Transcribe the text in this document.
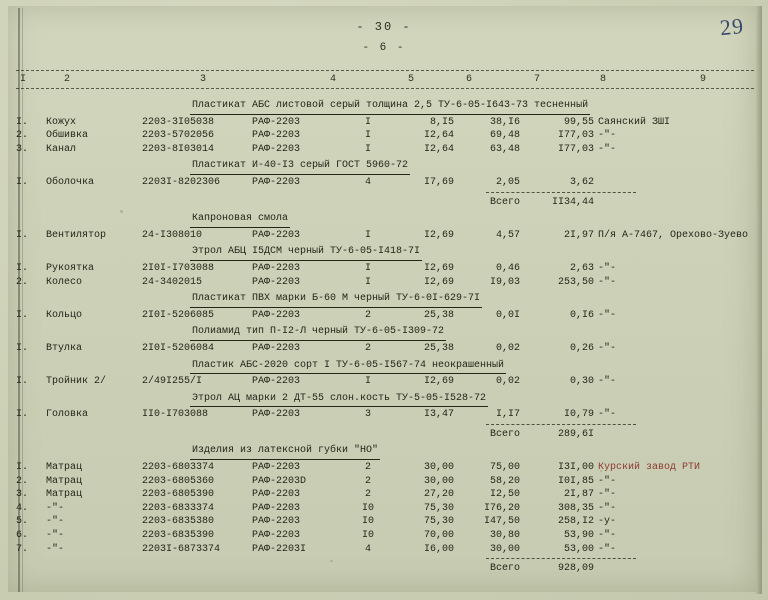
29
- 30 -
- 6 -
I	2	3	4	5	6	7	8	9
Пластикат АБС листовой серый толщина 2,5 ТУ-6-05-І643-73 тесненный								
I.	Кожух	2203-3I05038	РАФ-2203	I	8,I5	38,I6	99,55	Саянский ЗШІ
2.	Обшивка	2203-5702056	РАФ-2203	I	I2,64	69,48	I77,03	-"-
3.	Канал	2203-8I03014	РАФ-2203	I	I2,64	63,48	I77,03	-"-
Пластикат И-40-I3 серый ГОСТ 5960-72								
I.	Оболочка	2203I-8202306	РАФ-2203	4	I7,69	2,05	3,62	

						Всего	II34,44	
Капроновая смола								
I.	Вентилятор	24-I308010	РАФ-2203	I	I2,69	4,57	2I,97	П/я А-7467, Орехово-Зуево
Этрол АБЦ I5ДСМ черный ТУ-6-05-І418-7І								
I.	Рукоятка	2I0I-I703088	РАФ-2203	I	I2,69	0,46	2,63	-"-
2.	Колесо	24-3402015	РАФ-2203	I	I2,69	I9,03	253,50	-"-
Пластикат ПВХ марки Б-60 М черный ТУ-6-0І-629-7І								
I.	Кольцо	2I0I-5206085	РАФ-2203	2	25,38	0,0I	0,I6	-"-
Полиамид тип П-I2-Л черный ТУ-6-05-І309-72								
I.	Втулка	2I0I-5206084	РАФ-2203	2	25,38	0,02	0,26	-"-
Пластик АБС-2020 сорт I ТУ-6-05-І567-74 неокрашенный								
I.	Тройник 2/	2/49I255/I	РАФ-2203	I	I2,69	0,02	0,30	-"-
Этрол АЦ марки 2 ДТ-55 слон.кость ТУ-5-05-І528-72								
I.	Головка	II0-I703088	РАФ-2203	3	I3,47	I,I7	I0,79	-"-

						Всего	289,6I	
Изделия из латексной губки "НО"								
I.	Матрац	2203-6803374	РАФ-2203	2	30,00	75,00	I3I,00	Курский завод РТИ
2.	Матрац	2203-6805360	РАФ-2203D	2	30,00	58,20	I0I,85	-"-
3.	Матрац	2203-6805390	РАФ-2203	2	27,20	I2,50	2I,87	-"-
4.	-"-	2203-6833374	РАФ-2203	I0	75,30	I76,20	308,35	-"-
5.	-"-	2203-6835380	РАФ-2203	I0	75,30	I47,50	258,I2	-у-
6.	-"-	2203-6835390	РАФ-2203	I0	70,00	30,80	53,90	-"-
7.	-"-	2203I-6873374	РАФ-2203I	4	I6,00	30,00	53,00	-"-

						Всего	928,09	
